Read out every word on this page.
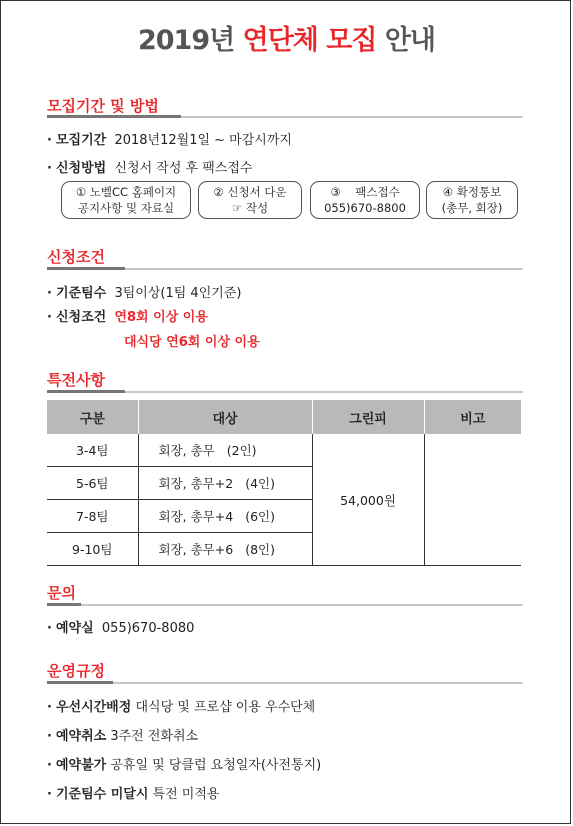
2019년 연단체 모집 안내
모집기간 및 방법
· 모집기간 2018년12월1일 ~ 마감시까지
· 신청방법 신청서 작성 후 팩스접수
① 노벨CC 홈페이지
공지사항 및 자료실
② 신청서 다운
☞ 작성
③    팩스접수
055)670-8800
④ 확정통보
(총무, 회장)
신청조건
· 기준팀수 3팀이상(1팀 4인기준)
· 신청조건 연8회 이상 이용
대식당 연6회 이상 이용
특전사항
구분	대상	그린피	비고
3-4팀	회장, 총무 (2인)	54,000원	
5-6팀	회장, 총무+2 (4인)		
7-8팀	회장, 총무+4 (6인)		
9-10팀	회장, 총무+6 (8인)		
문의
· 예약실 055)670-8080
운영규정
· 우선시간배정 대식당 및 프로샵 이용 우수단체
· 예약취소 3주전 전화취소
· 예약불가 공휴일 및 당클럽 요청일자(사전통지)
· 기준팀수 미달시 특전 미적용
